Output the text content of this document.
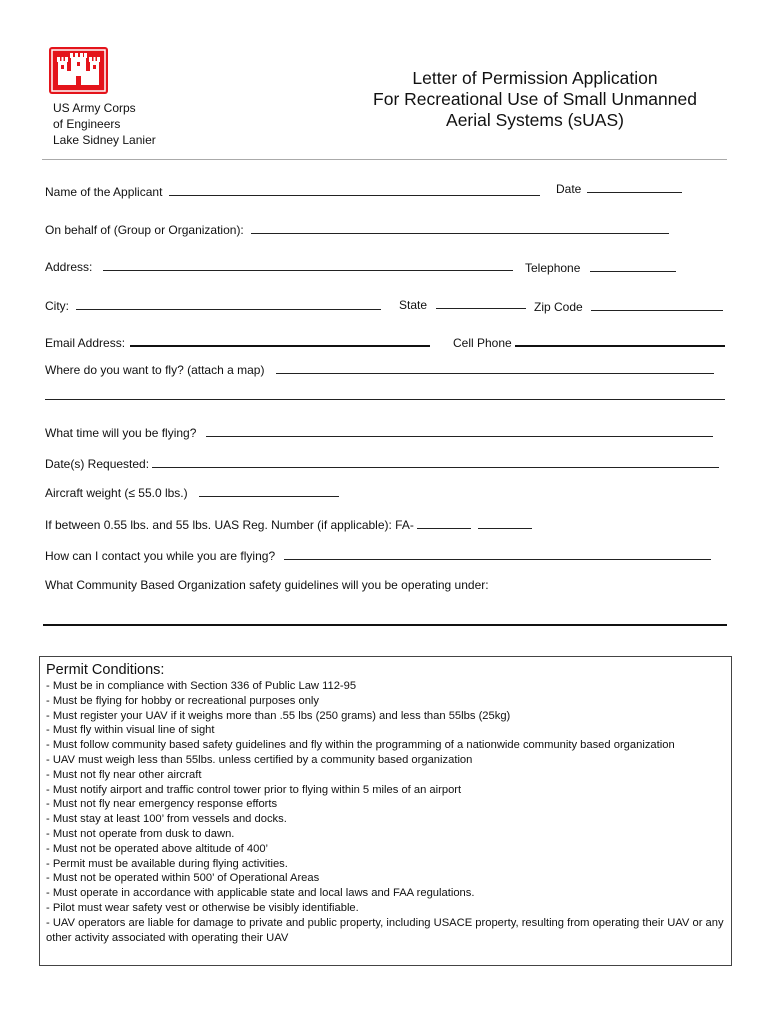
US Army Corps
of Engineers
Lake Sidney Lanier
Letter of Permission Application
For Recreational Use of Small Unmanned
Aerial Systems (sUAS)
Name of the Applicant	Date
On behalf of (Group or Organization):
Address:	Telephone
City:	State	Zip Code
Email Address:	Cell Phone
Where do you want to fly? (attach a map)
What time will you be flying?
Date(s) Requested:
Aircraft weight (≤ 55.0 lbs.)
If between 0.55 lbs. and 55 lbs. UAS Reg. Number (if applicable): FA-
How can I contact you while you are flying?
What Community Based Organization safety guidelines will you be operating under:
Permit Conditions:
- Must be in compliance with Section 336 of Public Law 112-95
- Must be flying for hobby or recreational purposes only
- Must register your UAV if it weighs more than .55 lbs (250 grams) and less than 55lbs (25kg)
- Must fly within visual line of sight
- Must follow community based safety guidelines and fly within the programming of a nationwide community based organization
- UAV must weigh less than 55lbs. unless certified by a community based organization
- Must not fly near other aircraft
- Must notify airport and traffic control tower prior to flying within 5 miles of an airport
- Must not fly near emergency response efforts
- Must stay at least 100’ from vessels and docks.
- Must not operate from dusk to dawn.
- Must not be operated above altitude of 400’
- Permit must be available during flying activities.
- Must not be operated within 500’ of Operational Areas
- Must operate in accordance with applicable state and local laws and FAA regulations.
- Pilot must wear safety vest or otherwise be visibly identifiable.
- UAV operators are liable for damage to private and public property, including USACE property, resulting from operating their UAV or any other activity associated with operating their UAV
